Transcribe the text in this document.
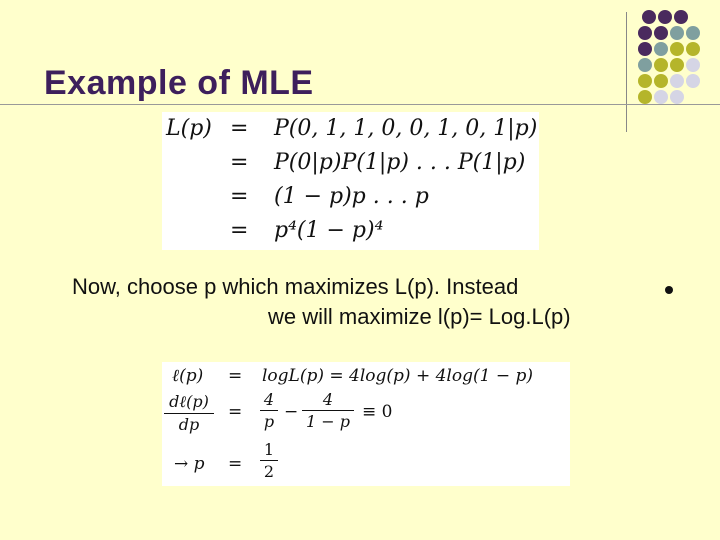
Example of MLE
L(p) = P(0, 1, 1, 0, 0, 1, 0, 1|p)
= P(0|p)P(1|p) . . . P(1|p)
= (1 − p)p . . . p
= p⁴(1 − p)⁴
Now, choose p which maximizes L(p). Instead
we will maximize l(p)= Log.L(p)
ℓ(p) = logL(p) = 4log(p) + 4log(1 − p)
dℓ(p)
dp
=
4
p −
4
1 − p ≡ 0
→ p =
1
2
